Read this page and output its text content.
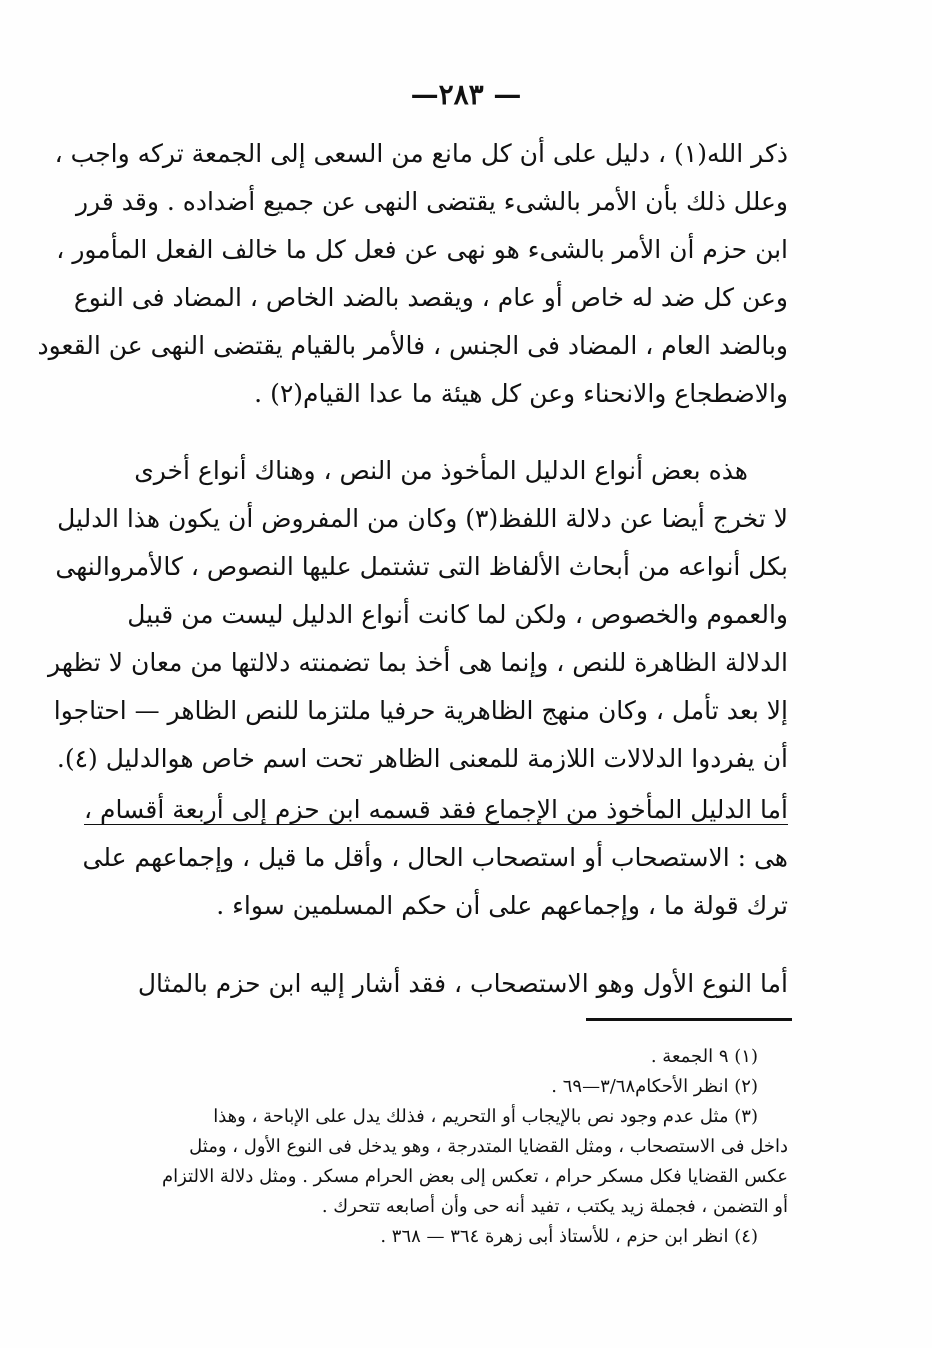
—٢٨٣ —
ذكر الله(١) ، دليل على أن كل مانع من السعى إلى الجمعة تركه واجب ،
وعلل ذلك بأن الأمر بالشىء يقتضى النهى عن جميع أضداده . وقد قرر
ابن حزم أن الأمر بالشىء هو نهى عن فعل كل ما خالف الفعل المأمور ،
وعن كل ضد له خاص أو عام ، ويقصد بالضد الخاص ، المضاد فى النوع
وبالضد العام ، المضاد فى الجنس ، فالأمر بالقيام يقتضى النهى عن القعود
والاضطجاع والانحناء وعن كل هيئة ما عدا القيام(٢) .
هذه بعض أنواع الدليل المأخوذ من النص ، وهناك أنواع أخرى
لا تخرج أيضا عن دلالة اللفظ(٣) وكان من المفروض أن يكون هذا الدليل
بكل أنواعه من أبحاث الألفاظ التى تشتمل عليها النصوص ، كالأمروالنهى
والعموم والخصوص ، ولكن لما كانت أنواع الدليل ليست من قبيل
الدلالة الظاهرة للنص ، وإنما هى أخذ بما تضمنته دلالتها من معان لا تظهر
إلا بعد تأمل ، وكان منهج الظاهرية حرفيا ملتزما للنص الظاهر — احتاجوا
أن يفردوا الدلالات اللازمة للمعنى الظاهر تحت اسم خاص هوالدليل (٤).
أما الدليل المأخوذ من الإجماع فقد قسمه ابن حزم إلى أربعة أقسام ،
هى : الاستصحاب أو استصحاب الحال ، وأقل ما قيل ، وإجماعهم على
ترك قولة ما ، وإجماعهم على أن حكم المسلمين سواء .
أما النوع الأول وهو الاستصحاب ، فقد أشار إليه ابن حزم بالمثال
(١) ٩ الجمعة .
(٢) انظر الأحكام٣/٦٨—٦٩ .
(٣) مثل عدم وجود نص بالإيجاب أو التحريم ، فذلك يدل على الإباحة ، وهذا
داخل فى الاستصحاب ، ومثل القضايا المتدرجة ، وهو يدخل فى النوع الأول ، ومثل
عكس القضايا فكل مسكر حرام ، تعكس إلى بعض الحرام مسكر . ومثل دلالة الالتزام
أو التضمن ، فجملة زيد يكتب ، تفيد أنه حى وأن أصابعه تتحرك .
(٤) انظر ابن حزم ، للأستاذ أبى زهرة ٣٦٤ — ٣٦٨ .
